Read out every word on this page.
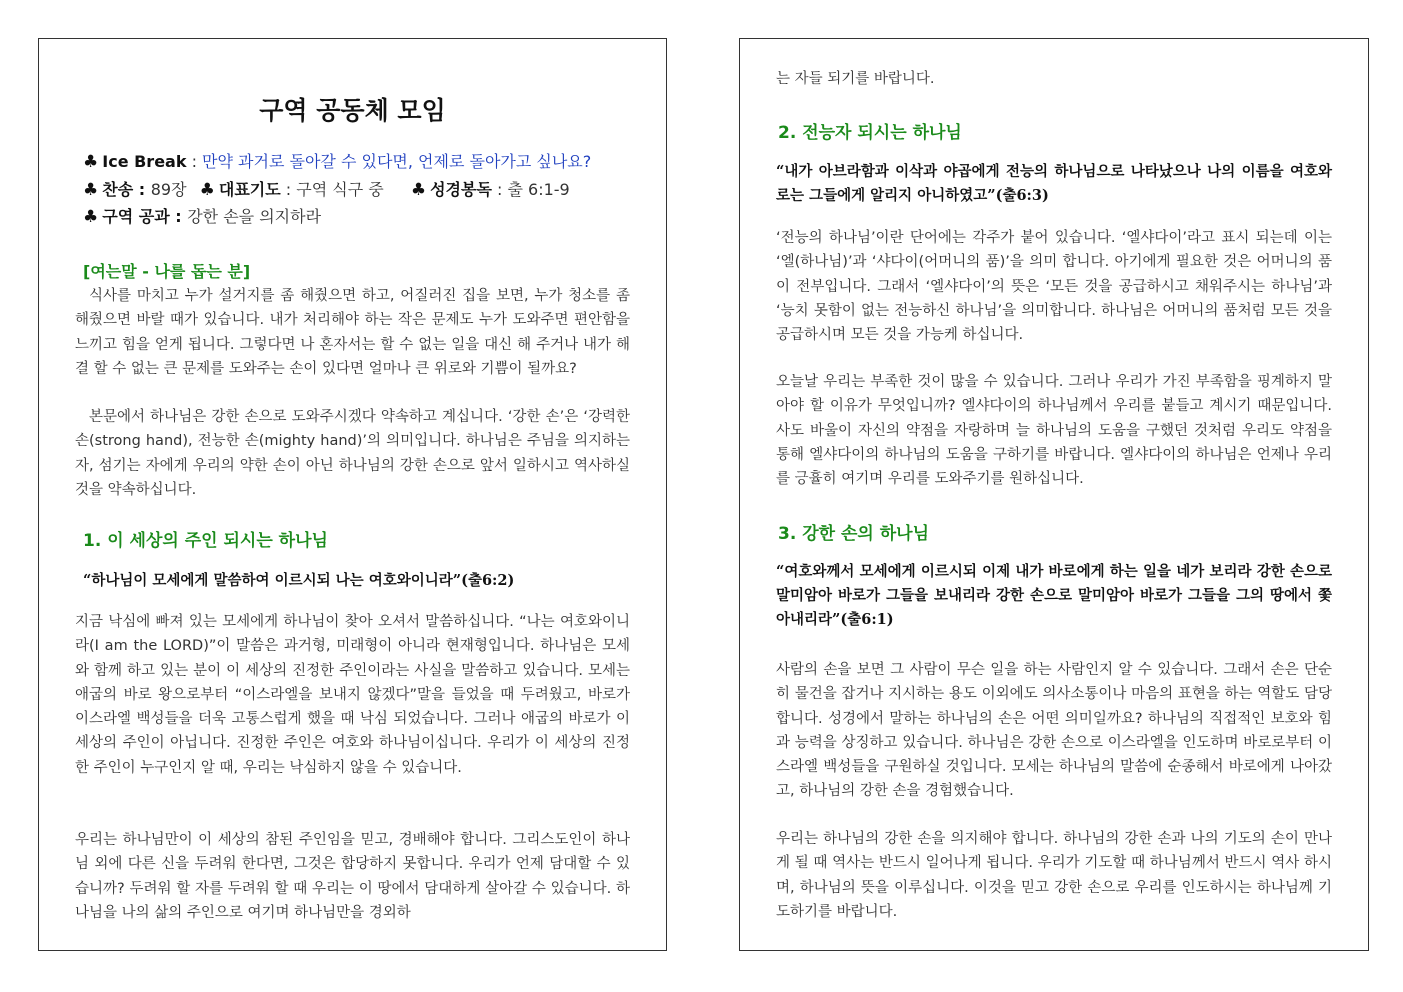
구역 공동체 모임
♣ Ice Break : 만약 과거로 돌아갈 수 있다면, 언제로 돌아가고 싶나요?
♣ 찬송 : 89장 ♣ 대표기도 : 구역 식구 중 ♣ 성경봉독 : 출 6:1-9
♣ 구역 공과 : 강한 손을 의지하라
[여는말 - 나를 돕는 분]
식사를 마치고 누가 설거지를 좀 해줬으면 하고, 어질러진 집을 보면, 누가 청소를 좀 해줬으면 바랄 때가 있습니다. 내가 처리해야 하는 작은 문제도 누가 도와주면 편안함을 느끼고 힘을 얻게 됩니다. 그렇다면 나 혼자서는 할 수 없는 일을 대신 해 주거나 내가 해결 할 수 없는 큰 문제를 도와주는 손이 있다면 얼마나 큰 위로와 기쁨이 될까요?
본문에서 하나님은 강한 손으로 도와주시겠다 약속하고 계십니다. ‘강한 손’은 ‘강력한 손(strong hand), 전능한 손(mighty hand)’의 의미입니다. 하나님은 주님을 의지하는 자, 섬기는 자에게 우리의 약한 손이 아닌 하나님의 강한 손으로 앞서 일하시고 역사하실 것을 약속하십니다.
1. 이 세상의 주인 되시는 하나님
“하나님이 모세에게 말씀하여 이르시되 나는 여호와이니라”(출6:2)
지금 낙심에 빠져 있는 모세에게 하나님이 찾아 오셔서 말씀하십니다. “나는 여호와이니라(I am the LORD)”이 말씀은 과거형, 미래형이 아니라 현재형입니다. 하나님은 모세와 함께 하고 있는 분이 이 세상의 진정한 주인이라는 사실을 말씀하고 있습니다. 모세는 애굽의 바로 왕으로부터 “이스라엘을 보내지 않겠다”말을 들었을 때 두려웠고, 바로가 이스라엘 백성들을 더욱 고통스럽게 했을 때 낙심 되었습니다. 그러나 애굽의 바로가 이 세상의 주인이 아닙니다. 진정한 주인은 여호와 하나님이십니다. 우리가 이 세상의 진정한 주인이 누구인지 알 때, 우리는 낙심하지 않을 수 있습니다.
우리는 하나님만이 이 세상의 참된 주인임을 믿고, 경배해야 합니다. 그리스도인이 하나님 외에 다른 신을 두려워 한다면, 그것은 합당하지 못합니다. 우리가 언제 담대할 수 있습니까? 두려워 할 자를 두려워 할 때 우리는 이 땅에서 담대하게 살아갈 수 있습니다. 하나님을 나의 삶의 주인으로 여기며 하나님만을 경외하
는 자들 되기를 바랍니다.
2. 전능자 되시는 하나님
“내가 아브라함과 이삭과 야곱에게 전능의 하나님으로 나타났으나 나의 이름을 여호와로는 그들에게 알리지 아니하였고”(출6:3)
‘전능의 하나님’이란 단어에는 각주가 붙어 있습니다. ‘엘샤다이’라고 표시 되는데 이는 ‘엘(하나님)’과 ‘샤다이(어머니의 품)’을 의미 합니다. 아기에게 필요한 것은 어머니의 품이 전부입니다. 그래서 ‘엘샤다이’의 뜻은 ‘모든 것을 공급하시고 채워주시는 하나님’과 ‘능치 못함이 없는 전능하신 하나님’을 의미합니다. 하나님은 어머니의 품처럼 모든 것을 공급하시며 모든 것을 가능케 하십니다.
오늘날 우리는 부족한 것이 많을 수 있습니다. 그러나 우리가 가진 부족함을 핑계하지 말아야 할 이유가 무엇입니까? 엘샤다이의 하나님께서 우리를 붙들고 계시기 때문입니다. 사도 바울이 자신의 약점을 자랑하며 늘 하나님의 도움을 구했던 것처럼 우리도 약점을 통해 엘샤다이의 하나님의 도움을 구하기를 바랍니다. 엘샤다이의 하나님은 언제나 우리를 긍휼히 여기며 우리를 도와주기를 원하십니다.
3. 강한 손의 하나님
“여호와께서 모세에게 이르시되 이제 내가 바로에게 하는 일을 네가 보리라 강한 손으로 말미암아 바로가 그들을 보내리라 강한 손으로 말미암아 바로가 그들을 그의 땅에서 쫓아내리라”(출6:1)
사람의 손을 보면 그 사람이 무슨 일을 하는 사람인지 알 수 있습니다. 그래서 손은 단순히 물건을 잡거나 지시하는 용도 이외에도 의사소통이나 마음의 표현을 하는 역할도 담당합니다. 성경에서 말하는 하나님의 손은 어떤 의미일까요? 하나님의 직접적인 보호와 힘과 능력을 상징하고 있습니다. 하나님은 강한 손으로 이스라엘을 인도하며 바로로부터 이스라엘 백성들을 구원하실 것입니다. 모세는 하나님의 말씀에 순종해서 바로에게 나아갔고, 하나님의 강한 손을 경험했습니다.
우리는 하나님의 강한 손을 의지해야 합니다. 하나님의 강한 손과 나의 기도의 손이 만나게 될 때 역사는 반드시 일어나게 됩니다. 우리가 기도할 때 하나님께서 반드시 역사 하시며, 하나님의 뜻을 이루십니다. 이것을 믿고 강한 손으로 우리를 인도하시는 하나님께 기도하기를 바랍니다.
